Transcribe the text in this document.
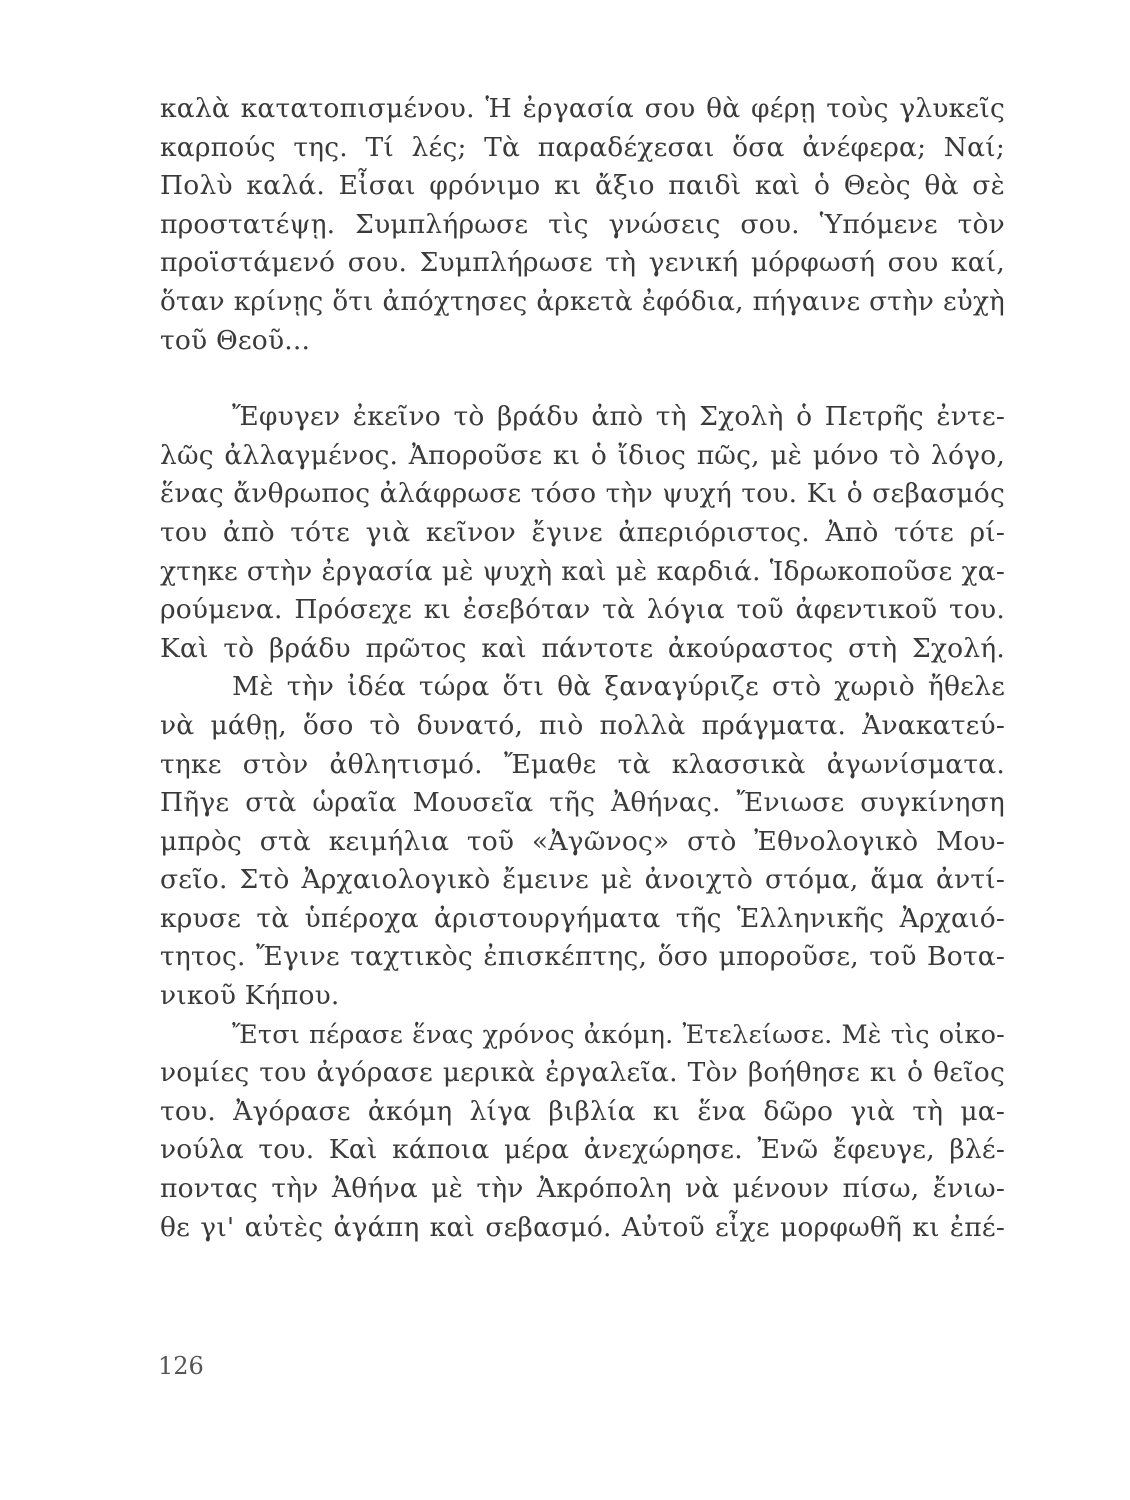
καλὰ κατατοπισμένου. Ἡ ἐργασία σου θὰ φέρῃ τοὺς γλυκεῖς
καρπούς της. Τί λές; Τὰ παραδέχεσαι ὅσα ἀνέφερα; Ναί;
Πολὺ καλά. Εἶσαι φρόνιμο κι ἄξιο παιδὶ καὶ ὁ Θεὸς θὰ σὲ
προστατέψῃ. Συμπλήρωσε τὶς γνώσεις σου. Ὑπόμενε τὸν
προϊστάμενό σου. Συμπλήρωσε τὴ γενική μόρφωσή σου καί,
ὅταν κρίνῃς ὅτι ἀπόχτησες ἀρκετὰ ἐφόδια, πήγαινε στὴν εὐχὴ
τοῦ Θεοῦ...
Ἔφυγεν ἐκεῖνο τὸ βράδυ ἀπὸ τὴ Σχολὴ ὁ Πετρῆς ἐντε-
λῶς ἀλλαγμένος. Ἀποροῦσε κι ὁ ἴδιος πῶς, μὲ μόνο τὸ λόγο,
ἕνας ἄνθρωπος ἀλάφρωσε τόσο τὴν ψυχή του. Κι ὁ σεβασμός
του ἀπὸ τότε γιὰ κεῖνον ἔγινε ἀπεριόριστος. Ἀπὸ τότε ρί-
χτηκε στὴν ἐργασία μὲ ψυχὴ καὶ μὲ καρδιά. Ἱδρωκοποῦσε χα-
ρούμενα. Πρόσεχε κι ἐσεβόταν τὰ λόγια τοῦ ἀφεντικοῦ του.
Καὶ τὸ βράδυ πρῶτος καὶ πάντοτε ἀκούραστος στὴ Σχολή.
Μὲ τὴν ἰδέα τώρα ὅτι θὰ ξαναγύριζε στὸ χωριὸ ἤθελε
νὰ μάθῃ, ὅσο τὸ δυνατό, πιὸ πολλὰ πράγματα. Ἀνακατεύ-
τηκε στὸν ἀθλητισμό. Ἔμαθε τὰ κλασσικὰ ἀγωνίσματα.
Πῆγε στὰ ὡραῖα Μουσεῖα τῆς Ἀθήνας. Ἔνιωσε συγκίνηση
μπρὸς στὰ κειμήλια τοῦ «Ἀγῶνος» στὸ Ἐθνολογικὸ Μου-
σεῖο. Στὸ Ἀρχαιολογικὸ ἔμεινε μὲ ἀνοιχτὸ στόμα, ἅμα ἀντί-
κρυσε τὰ ὑπέροχα ἀριστουργήματα τῆς Ἑλληνικῆς Ἀρχαιό-
τητος. Ἔγινε ταχτικὸς ἐπισκέπτης, ὅσο μποροῦσε, τοῦ Βοτα-
νικοῦ Κήπου.
Ἔτσι πέρασε ἕνας χρόνος ἀκόμη. Ἐτελείωσε. Μὲ τὶς οἰκο-
νομίες του ἀγόρασε μερικὰ ἐργαλεῖα. Τὸν βοήθησε κι ὁ θεῖος
του. Ἀγόρασε ἀκόμη λίγα βιβλία κι ἕνα δῶρο γιὰ τὴ μα-
νούλα του. Καὶ κάποια μέρα ἀνεχώρησε. Ἐνῶ ἔφευγε, βλέ-
ποντας τὴν Ἀθήνα μὲ τὴν Ἀκρόπολη νὰ μένουν πίσω, ἔνιω-
θε γι' αὐτὲς ἀγάπη καὶ σεβασμό. Αὐτοῦ εἶχε μορφωθῆ κι ἐπέ-
126
